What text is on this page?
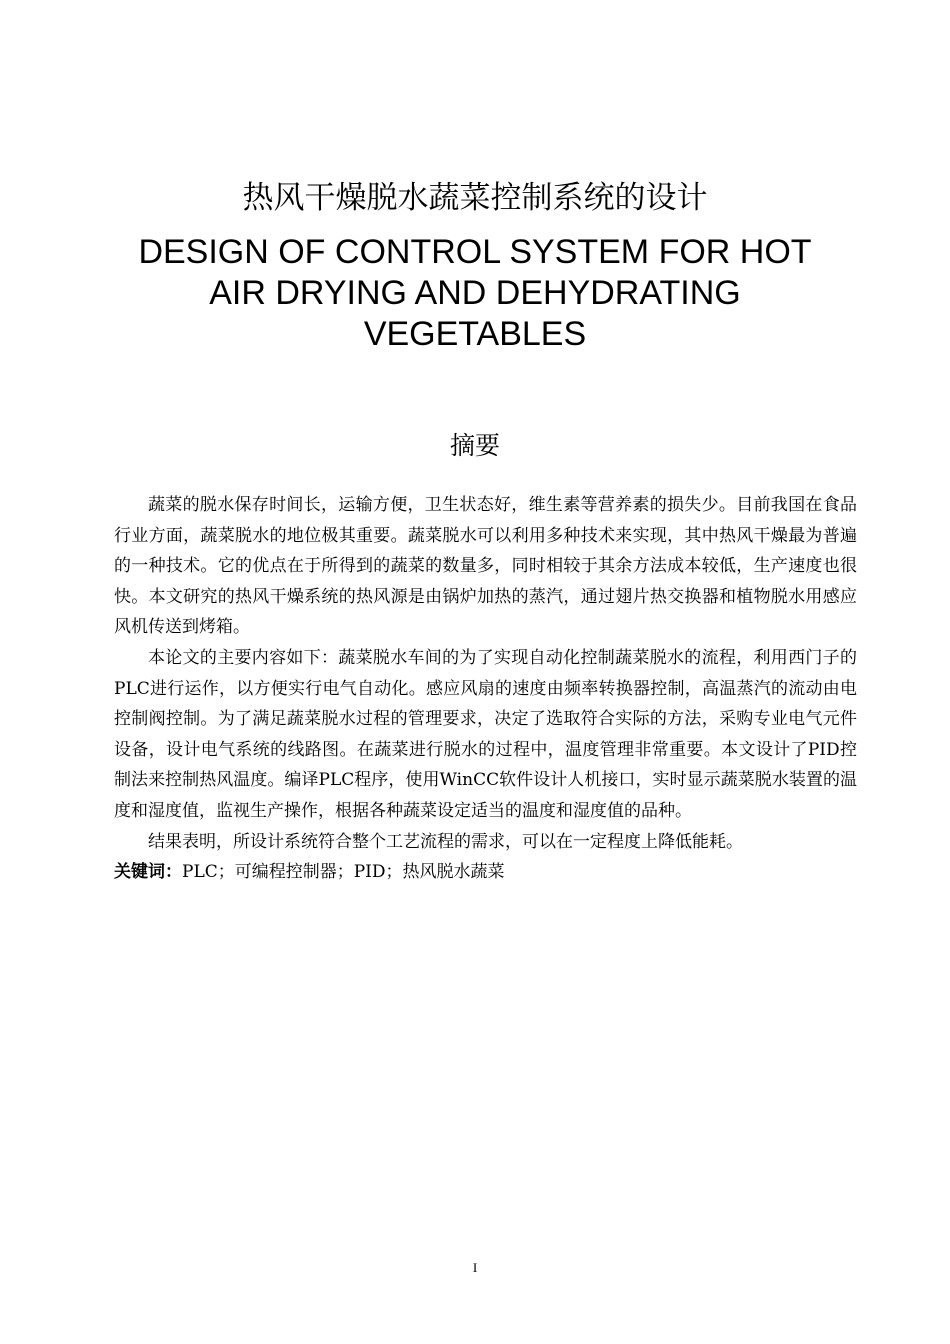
热风干燥脱水蔬菜控制系统的设计
DESIGN OF CONTROL SYSTEM FOR HOT AIR DRYING AND DEHYDRATING VEGETABLES
摘要

蔬菜的脱水保存时间长，运输方便，卫生状态好，维生素等营养素的损失少。目前我国在食品行业方面，蔬菜脱水的地位极其重要。蔬菜脱水可以利用多种技术来实现，其中热风干燥最为普遍的一种技术。它的优点在于所得到的蔬菜的数量多，同时相较于其余方法成本较低，生产速度也很快。本文研究的热风干燥系统的热风源是由锅炉加热的蒸汽，通过翅片热交换器和植物脱水用感应风机传送到烤箱。

本论文的主要内容如下：蔬菜脱水车间的为了实现自动化控制蔬菜脱水的流程，利用西门子的PLC进行运作，以方便实行电气自动化。感应风扇的速度由频率转换器控制，高温蒸汽的流动由电控制阀控制。为了满足蔬菜脱水过程的管理要求，决定了选取符合实际的方法，采购专业电气元件设备，设计电气系统的线路图。在蔬菜进行脱水的过程中，温度管理非常重要。本文设计了PID控制法来控制热风温度。编译PLC程序，使用WinCC软件设计人机接口，实时显示蔬菜脱水装置的温度和湿度值，监视生产操作，根据各种蔬菜设定适当的温度和湿度值的品种。

结果表明，所设计系统符合整个工艺流程的需求，可以在一定程度上降低能耗。

关键词：PLC；可编程控制器；PID；热风脱水蔬菜

I
